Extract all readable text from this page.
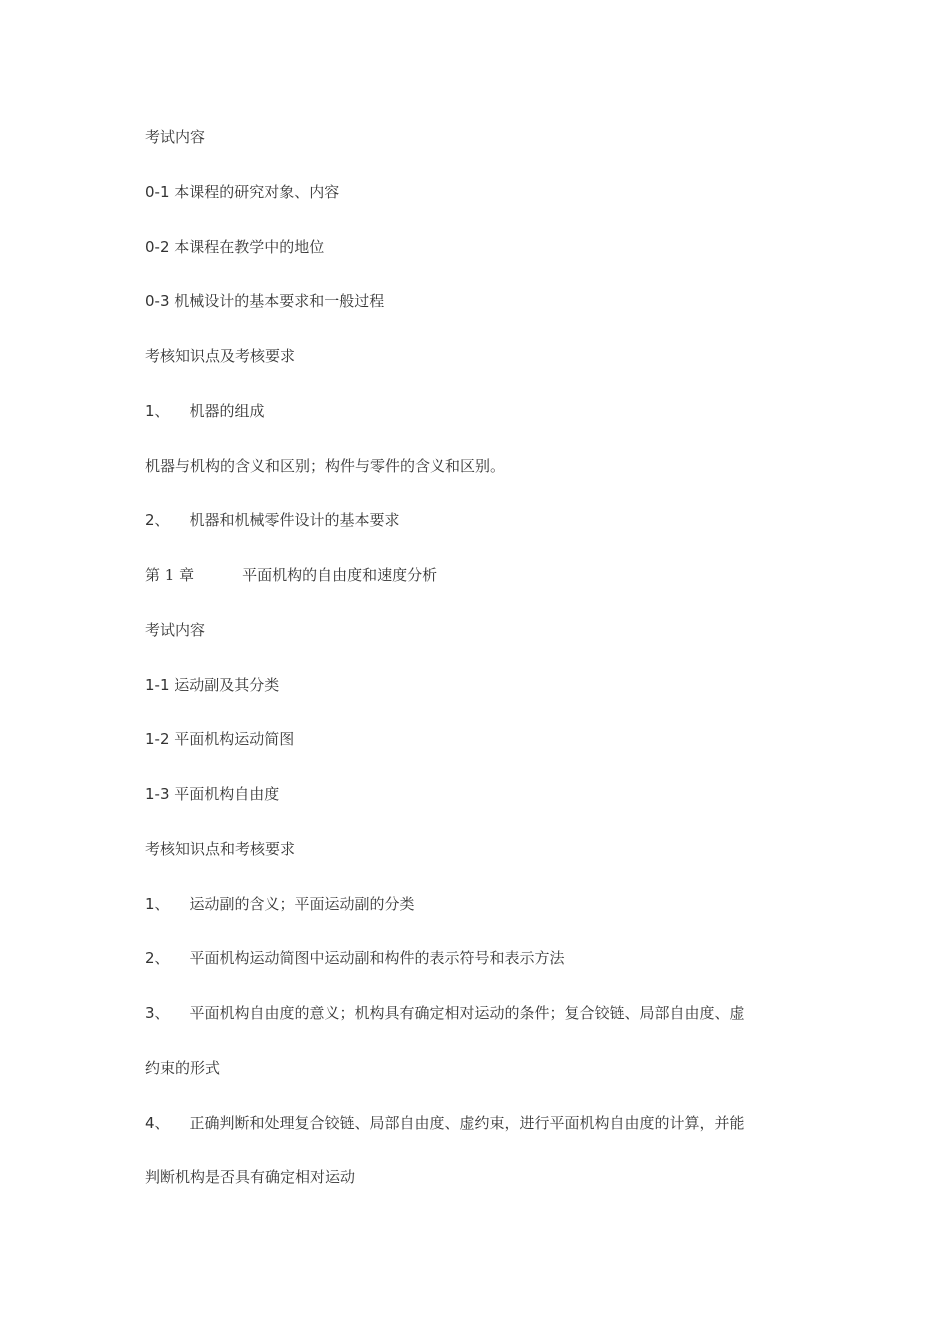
考试内容
0-1 本课程的研究对象、内容
0-2 本课程在教学中的地位
0-3 机械设计的基本要求和一般过程
考核知识点及考核要求
1、 机器的组成
机器与机构的含义和区别；构件与零件的含义和区别。
2、 机器和机械零件设计的基本要求
第 1 章	平面机构的自由度和速度分析
考试内容
1-1 运动副及其分类
1-2 平面机构运动简图
1-3 平面机构自由度
考核知识点和考核要求
1、 运动副的含义；平面运动副的分类
2、 平面机构运动简图中运动副和构件的表示符号和表示方法
3、 平面机构自由度的意义；机构具有确定相对运动的条件；复合铰链、局部自由度、虚
约束的形式
4、 正确判断和处理复合铰链、局部自由度、虚约束，进行平面机构自由度的计算，并能
判断机构是否具有确定相对运动
